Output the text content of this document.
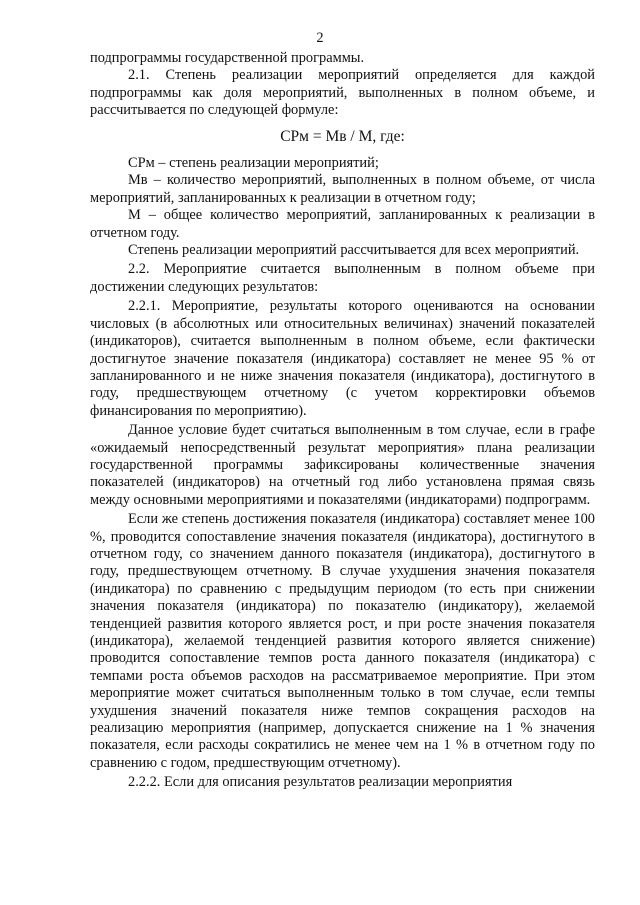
2

подпрограммы государственной программы.

2.1. Степень реализации мероприятий определяется для каждой подпрограммы как доля мероприятий, выполненных в полном объеме, и рассчитывается по следующей формуле:

СРм = Мв / М, где:

СРм – степень реализации мероприятий;

Мв – количество мероприятий, выполненных в полном объеме, от числа мероприятий, запланированных к реализации в отчетном году;

М – общее количество мероприятий, запланированных к реализации в отчетном году.

Степень реализации мероприятий рассчитывается для всех мероприятий.

2.2. Мероприятие считается выполненным в полном объеме при достижении следующих результатов:

2.2.1. Мероприятие, результаты которого оцениваются на основании числовых (в абсолютных или относительных величинах) значений показателей (индикаторов), считается выполненным в полном объеме, если фактически достигнутое значение показателя (индикатора) составляет не менее 95 % от запланированного и не ниже значения показателя (индикатора), достигнутого в году, предшествующем отчетному (с учетом корректировки объемов финансирования по мероприятию).

Данное условие будет считаться выполненным в том случае, если в графе «ожидаемый непосредственный результат мероприятия» плана реализации государственной программы зафиксированы количественные значения показателей (индикаторов) на отчетный год либо установлена прямая связь между основными мероприятиями и показателями (индикаторами) подпрограмм.

Если же степень достижения показателя (индикатора) составляет менее 100 %, проводится сопоставление значения показателя (индикатора), достигнутого в отчетном году, со значением данного показателя (индикатора), достигнутого в году, предшествующем отчетному. В случае ухудшения значения показателя (индикатора) по сравнению с предыдущим периодом (то есть при снижении значения показателя (индикатора) по показателю (индикатору), желаемой тенденцией развития которого является рост, и при росте значения показателя (индикатора), желаемой тенденцией развития которого является снижение) проводится сопоставление темпов роста данного показателя (индикатора) с темпами роста объемов расходов на рассматриваемое мероприятие. При этом мероприятие может считаться выполненным только в том случае, если темпы ухудшения значений показателя ниже темпов сокращения расходов на реализацию мероприятия (например, допускается снижение на 1 % значения показателя, если расходы сократились не менее чем на 1 % в отчетном году по сравнению с годом, предшествующим отчетному).

2.2.2. Если для описания результатов реализации мероприятия
